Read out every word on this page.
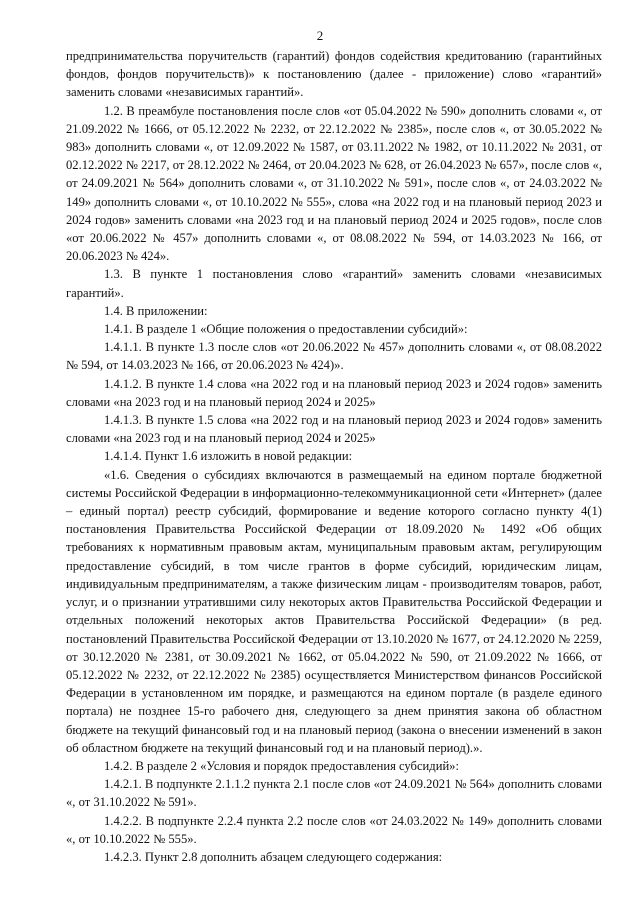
2

предпринимательства поручительств (гарантий) фондов содействия кредитованию (гарантийных фондов, фондов поручительств)» к постановлению (далее - приложение) слово «гарантий» заменить словами «независимых гарантий».

1.2. В преамбуле постановления после слов «от 05.04.2022 № 590» дополнить словами «, от 21.09.2022 № 1666, от 05.12.2022 № 2232, от 22.12.2022 № 2385», после слов «, от 30.05.2022 № 983» дополнить словами «, от 12.09.2022 № 1587, от 03.11.2022 № 1982, от 10.11.2022 № 2031, от 02.12.2022 № 2217, от 28.12.2022 № 2464, от 20.04.2023 № 628, от 26.04.2023 № 657», после слов «, от 24.09.2021 № 564» дополнить словами «, от 31.10.2022 № 591», после слов «, от 24.03.2022 № 149» дополнить словами «, от 10.10.2022 № 555», слова «на 2022 год и на плановый период 2023 и 2024 годов» заменить словами «на 2023 год и на плановый период 2024 и 2025 годов», после слов «от 20.06.2022 № 457» дополнить словами «, от 08.08.2022 № 594, от 14.03.2023 № 166, от 20.06.2023 № 424».

1.3. В пункте 1 постановления слово «гарантий» заменить словами «независимых гарантий».

1.4. В приложении:

1.4.1. В разделе 1 «Общие положения о предоставлении субсидий»:

1.4.1.1. В пункте 1.3 после слов «от 20.06.2022 № 457» дополнить словами «, от 08.08.2022 № 594, от 14.03.2023 № 166, от 20.06.2023 № 424)».

1.4.1.2. В пункте 1.4 слова «на 2022 год и на плановый период 2023 и 2024 годов» заменить словами «на 2023 год и на плановый период 2024 и 2025»

1.4.1.3. В пункте 1.5 слова «на 2022 год и на плановый период 2023 и 2024 годов» заменить словами «на 2023 год и на плановый период 2024 и 2025»

1.4.1.4. Пункт 1.6 изложить в новой редакции:

«1.6. Сведения о субсидиях включаются в размещаемый на едином портале бюджетной системы Российской Федерации в информационно-телекоммуникационной сети «Интернет» (далее – единый портал) реестр субсидий, формирование и ведение которого согласно пункту 4(1) постановления Правительства Российской Федерации от 18.09.2020 № 1492 «Об общих требованиях к нормативным правовым актам, муниципальным правовым актам, регулирующим предоставление субсидий, в том числе грантов в форме субсидий, юридическим лицам, индивидуальным предпринимателям, а также физическим лицам - производителям товаров, работ, услуг, и о признании утратившими силу некоторых актов Правительства Российской Федерации и отдельных положений некоторых актов Правительства Российской Федерации» (в ред. постановлений Правительства Российской Федерации от 13.10.2020 № 1677, от 24.12.2020 № 2259, от 30.12.2020 № 2381, от 30.09.2021 № 1662, от 05.04.2022 № 590, от 21.09.2022 № 1666, от 05.12.2022 № 2232, от 22.12.2022 № 2385) осуществляется Министерством финансов Российской Федерации в установленном им порядке, и размещаются на едином портале (в разделе единого портала) не позднее 15-го рабочего дня, следующего за днем принятия закона об областном бюджете на текущий финансовый год и на плановый период (закона о внесении изменений в закон об областном бюджете на текущий финансовый год и на плановый период).».

1.4.2. В разделе 2 «Условия и порядок предоставления субсидий»:

1.4.2.1. В подпункте 2.1.1.2 пункта 2.1 после слов «от 24.09.2021 № 564» дополнить словами «, от 31.10.2022 № 591».

1.4.2.2. В подпункте 2.2.4 пункта 2.2 после слов «от 24.03.2022 № 149» дополнить словами «, от 10.10.2022 № 555».

1.4.2.3. Пункт 2.8 дополнить абзацем следующего содержания:
